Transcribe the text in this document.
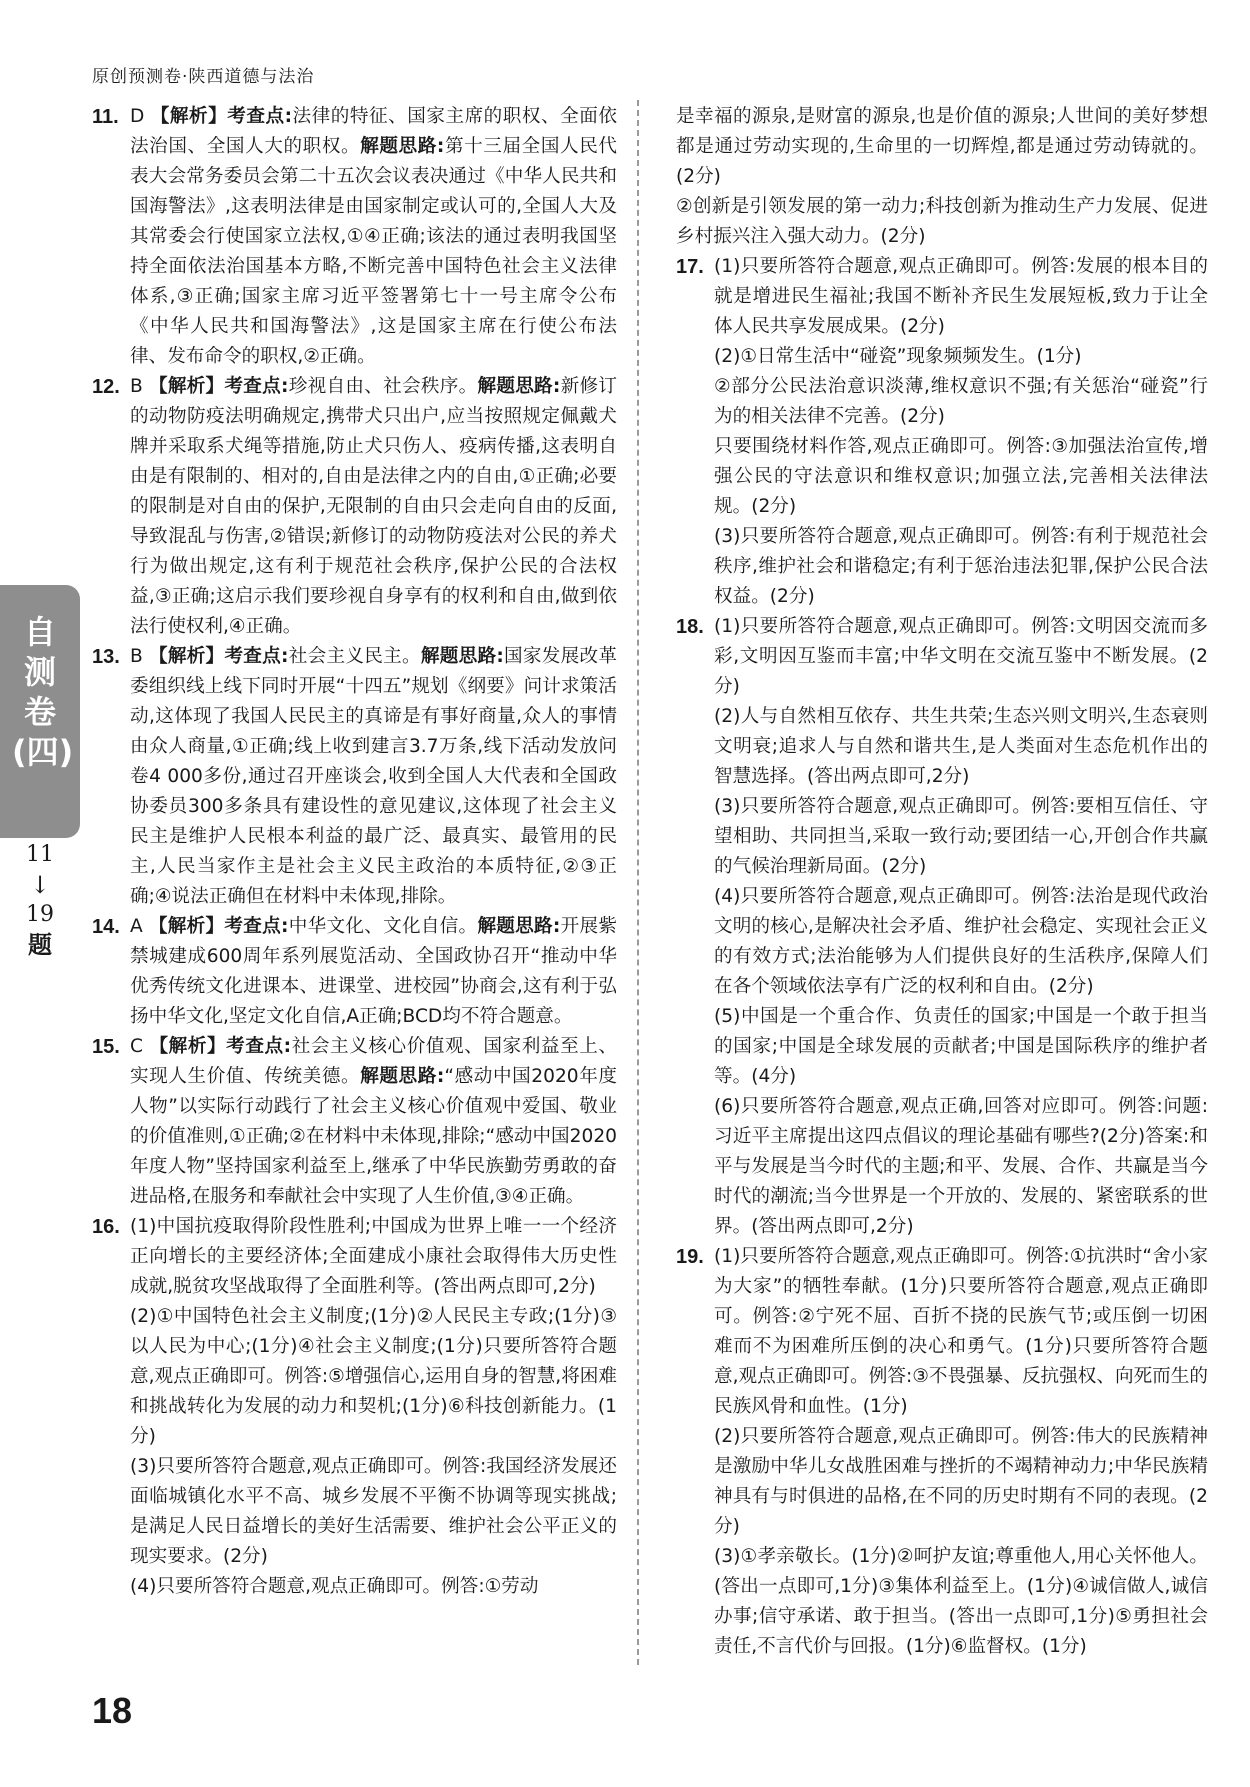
原创预测卷·陕西道德与法治
自测卷(四)
11
↓
19
题
11. D 【解析】考查点:法律的特征、国家主席的职权、全面依法治国、全国人大的职权。解题思路:第十三届全国人民代表大会常务委员会第二十五次会议表决通过《中华人民共和国海警法》,这表明法律是由国家制定或认可的,全国人大及其常委会行使国家立法权,①④正确;该法的通过表明我国坚持全面依法治国基本方略,不断完善中国特色社会主义法律体系,③正确;国家主席习近平签署第七十一号主席令公布《中华人民共和国海警法》,这是国家主席在行使公布法律、发布命令的职权,②正确。
12. B 【解析】考查点:珍视自由、社会秩序。解题思路:新修订的动物防疫法明确规定,携带犬只出户,应当按照规定佩戴犬牌并采取系犬绳等措施,防止犬只伤人、疫病传播,这表明自由是有限制的、相对的,自由是法律之内的自由,①正确;必要的限制是对自由的保护,无限制的自由只会走向自由的反面,导致混乱与伤害,②错误;新修订的动物防疫法对公民的养犬行为做出规定,这有利于规范社会秩序,保护公民的合法权益,③正确;这启示我们要珍视自身享有的权利和自由,做到依法行使权利,④正确。
13. B 【解析】考查点:社会主义民主。解题思路:国家发展改革委组织线上线下同时开展“十四五”规划《纲要》问计求策活动,这体现了我国人民民主的真谛是有事好商量,众人的事情由众人商量,①正确;线上收到建言3.7万条,线下活动发放问卷4 000多份,通过召开座谈会,收到全国人大代表和全国政协委员300多条具有建设性的意见建议,这体现了社会主义民主是维护人民根本利益的最广泛、最真实、最管用的民主,人民当家作主是社会主义民主政治的本质特征,②③正确;④说法正确但在材料中未体现,排除。
14. A 【解析】考查点:中华文化、文化自信。解题思路:开展紫禁城建成600周年系列展览活动、全国政协召开“推动中华优秀传统文化进课本、进课堂、进校园”协商会,这有利于弘扬中华文化,坚定文化自信,A正确;BCD均不符合题意。
15. C 【解析】考查点:社会主义核心价值观、国家利益至上、实现人生价值、传统美德。解题思路:“感动中国2020年度人物”以实际行动践行了社会主义核心价值观中爱国、敬业的价值准则,①正确;②在材料中未体现,排除;“感动中国2020年度人物”坚持国家利益至上,继承了中华民族勤劳勇敢的奋进品格,在服务和奉献社会中实现了人生价值,③④正确。
16. (1)中国抗疫取得阶段性胜利;中国成为世界上唯一一个经济正向增长的主要经济体;全面建成小康社会取得伟大历史性成就,脱贫攻坚战取得了全面胜利等。(答出两点即可,2分)

(2)①中国特色社会主义制度;(1分)②人民民主专政;(1分)③以人民为中心;(1分)④社会主义制度;(1分)只要所答符合题意,观点正确即可。例答:⑤增强信心,运用自身的智慧,将困难和挑战转化为发展的动力和契机;(1分)⑥科技创新能力。(1分)

(3)只要所答符合题意,观点正确即可。例答:我国经济发展还面临城镇化水平不高、城乡发展不平衡不协调等现实挑战;是满足人民日益增长的美好生活需要、维护社会公平正义的现实要求。(2分)

(4)只要所答符合题意,观点正确即可。例答:①劳动

是幸福的源泉,是财富的源泉,也是价值的源泉;人世间的美好梦想都是通过劳动实现的,生命里的一切辉煌,都是通过劳动铸就的。(2分)

②创新是引领发展的第一动力;科技创新为推动生产力发展、促进乡村振兴注入强大动力。(2分)

17. (1)只要所答符合题意,观点正确即可。例答:发展的根本目的就是增进民生福祉;我国不断补齐民生发展短板,致力于让全体人民共享发展成果。(2分)

(2)①日常生活中“碰瓷”现象频频发生。(1分)

②部分公民法治意识淡薄,维权意识不强;有关惩治“碰瓷”行为的相关法律不完善。(2分)

只要围绕材料作答,观点正确即可。例答:③加强法治宣传,增强公民的守法意识和维权意识;加强立法,完善相关法律法规。(2分)

(3)只要所答符合题意,观点正确即可。例答:有利于规范社会秩序,维护社会和谐稳定;有利于惩治违法犯罪,保护公民合法权益。(2分)

18. (1)只要所答符合题意,观点正确即可。例答:文明因交流而多彩,文明因互鉴而丰富;中华文明在交流互鉴中不断发展。(2分)

(2)人与自然相互依存、共生共荣;生态兴则文明兴,生态衰则文明衰;追求人与自然和谐共生,是人类面对生态危机作出的智慧选择。(答出两点即可,2分)

(3)只要所答符合题意,观点正确即可。例答:要相互信任、守望相助、共同担当,采取一致行动;要团结一心,开创合作共赢的气候治理新局面。(2分)

(4)只要所答符合题意,观点正确即可。例答:法治是现代政治文明的核心,是解决社会矛盾、维护社会稳定、实现社会正义的有效方式;法治能够为人们提供良好的生活秩序,保障人们在各个领域依法享有广泛的权利和自由。(2分)

(5)中国是一个重合作、负责任的国家;中国是一个敢于担当的国家;中国是全球发展的贡献者;中国是国际秩序的维护者等。(4分)

(6)只要所答符合题意,观点正确,回答对应即可。例答:问题:习近平主席提出这四点倡议的理论基础有哪些?(2分)答案:和平与发展是当今时代的主题;和平、发展、合作、共赢是当今时代的潮流;当今世界是一个开放的、发展的、紧密联系的世界。(答出两点即可,2分)

19. (1)只要所答符合题意,观点正确即可。例答:①抗洪时“舍小家为大家”的牺牲奉献。(1分)只要所答符合题意,观点正确即可。例答:②宁死不屈、百折不挠的民族气节;或压倒一切困难而不为困难所压倒的决心和勇气。(1分)只要所答符合题意,观点正确即可。例答:③不畏强暴、反抗强权、向死而生的民族风骨和血性。(1分)

(2)只要所答符合题意,观点正确即可。例答:伟大的民族精神是激励中华儿女战胜困难与挫折的不竭精神动力;中华民族精神具有与时俱进的品格,在不同的历史时期有不同的表现。(2分)

(3)①孝亲敬长。(1分)②呵护友谊;尊重他人,用心关怀他人。(答出一点即可,1分)③集体利益至上。(1分)④诚信做人,诚信办事;信守承诺、敢于担当。(答出一点即可,1分)⑤勇担社会责任,不言代价与回报。(1分)⑥监督权。(1分)

18
